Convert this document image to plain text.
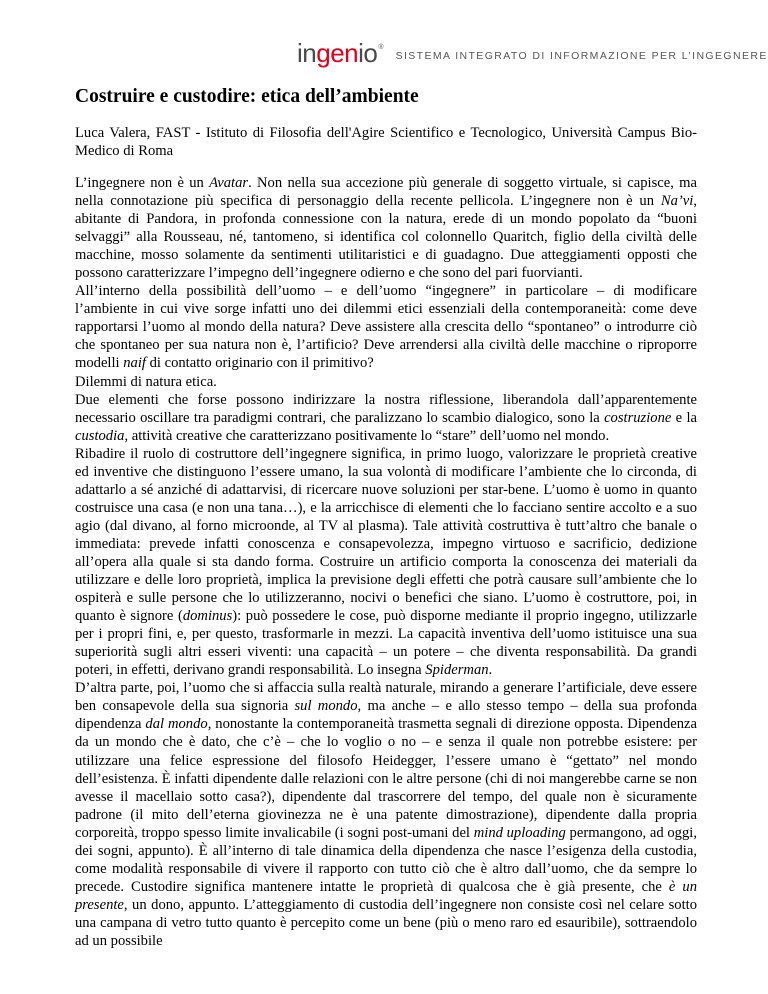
ingenio ®
SISTEMA INTEGRATO DI INFORMAZIONE PER L’INGEGNERE
Costruire e custodire: etica dell’ambiente

Luca Valera, FAST - Istituto di Filosofia dell'Agire Scientifico e Tecnologico, Università Campus Bio-Medico di Roma

L’ingegnere non è un Avatar. Non nella sua accezione più generale di soggetto virtuale, si capisce, ma nella connotazione più specifica di personaggio della recente pellicola. L’ingegnere non è un Na’vi, abitante di Pandora, in profonda connessione con la natura, erede di un mondo popolato da “buoni selvaggi” alla Rousseau, né, tantomeno, si identifica col colonnello Quaritch, figlio della civiltà delle macchine, mosso solamente da sentimenti utilitaristici e di guadagno. Due atteggiamenti opposti che possono caratterizzare l’impegno dell’ingegnere odierno e che sono del pari fuorvianti.

All’interno della possibilità dell’uomo – e dell’uomo “ingegnere” in particolare – di modificare l’ambiente in cui vive sorge infatti uno dei dilemmi etici essenziali della contemporaneità: come deve rapportarsi l’uomo al mondo della natura? Deve assistere alla crescita dello “spontaneo” o introdurre ciò che spontaneo per sua natura non è, l’artificio? Deve arrendersi alla civiltà delle macchine o riproporre modelli naif di contatto originario con il primitivo?

Dilemmi di natura etica.

Due elementi che forse possono indirizzare la nostra riflessione, liberandola dall’apparentemente necessario oscillare tra paradigmi contrari, che paralizzano lo scambio dialogico, sono la costruzione e la custodia, attività creative che caratterizzano positivamente lo “stare” dell’uomo nel mondo.

Ribadire il ruolo di costruttore dell’ingegnere significa, in primo luogo, valorizzare le proprietà creative ed inventive che distinguono l’essere umano, la sua volontà di modificare l’ambiente che lo circonda, di adattarlo a sé anziché di adattarvisi, di ricercare nuove soluzioni per star-bene. L’uomo è uomo in quanto costruisce una casa (e non una tana…), e la arricchisce di elementi che lo facciano sentire accolto e a suo agio (dal divano, al forno microonde, al TV al plasma). Tale attività costruttiva è tutt’altro che banale o immediata: prevede infatti conoscenza e consapevolezza, impegno virtuoso e sacrificio, dedizione all’opera alla quale si sta dando forma. Costruire un artificio comporta la conoscenza dei materiali da utilizzare e delle loro proprietà, implica la previsione degli effetti che potrà causare sull’ambiente che lo ospiterà e sulle persone che lo utilizzeranno, nocivi o benefici che siano. L’uomo è costruttore, poi, in quanto è signore (dominus): può possedere le cose, può disporne mediante il proprio ingegno, utilizzarle per i propri fini, e, per questo, trasformarle in mezzi. La capacità inventiva dell’uomo istituisce una sua superiorità sugli altri esseri viventi: una capacità – un potere – che diventa responsabilità. Da grandi poteri, in effetti, derivano grandi responsabilità. Lo insegna Spiderman.

D’altra parte, poi, l’uomo che si affaccia sulla realtà naturale, mirando a generare l’artificiale, deve essere ben consapevole della sua signoria sul mondo, ma anche – e allo stesso tempo – della sua profonda dipendenza dal mondo, nonostante la contemporaneità trasmetta segnali di direzione opposta. Dipendenza da un mondo che è dato, che c’è – che lo voglio o no – e senza il quale non potrebbe esistere: per utilizzare una felice espressione del filosofo Heidegger, l’essere umano è “gettato” nel mondo dell’esistenza. È infatti dipendente dalle relazioni con le altre persone (chi di noi mangerebbe carne se non avesse il macellaio sotto casa?), dipendente dal trascorrere del tempo, del quale non è sicuramente padrone (il mito dell’eterna giovinezza ne è una patente dimostrazione), dipendente dalla propria corporeità, troppo spesso limite invalicabile (i sogni post-umani del mind uploading permangono, ad oggi, dei sogni, appunto). È all’interno di tale dinamica della dipendenza che nasce l’esigenza della custodia, come modalità responsabile di vivere il rapporto con tutto ciò che è altro dall’uomo, che da sempre lo precede. Custodire significa mantenere intatte le proprietà di qualcosa che è già presente, che è un presente, un dono, appunto. L’atteggiamento di custodia dell’ingegnere non consiste così nel celare sotto una campana di vetro tutto quanto è percepito come un bene (più o meno raro ed esauribile), sottraendolo ad un possibile
